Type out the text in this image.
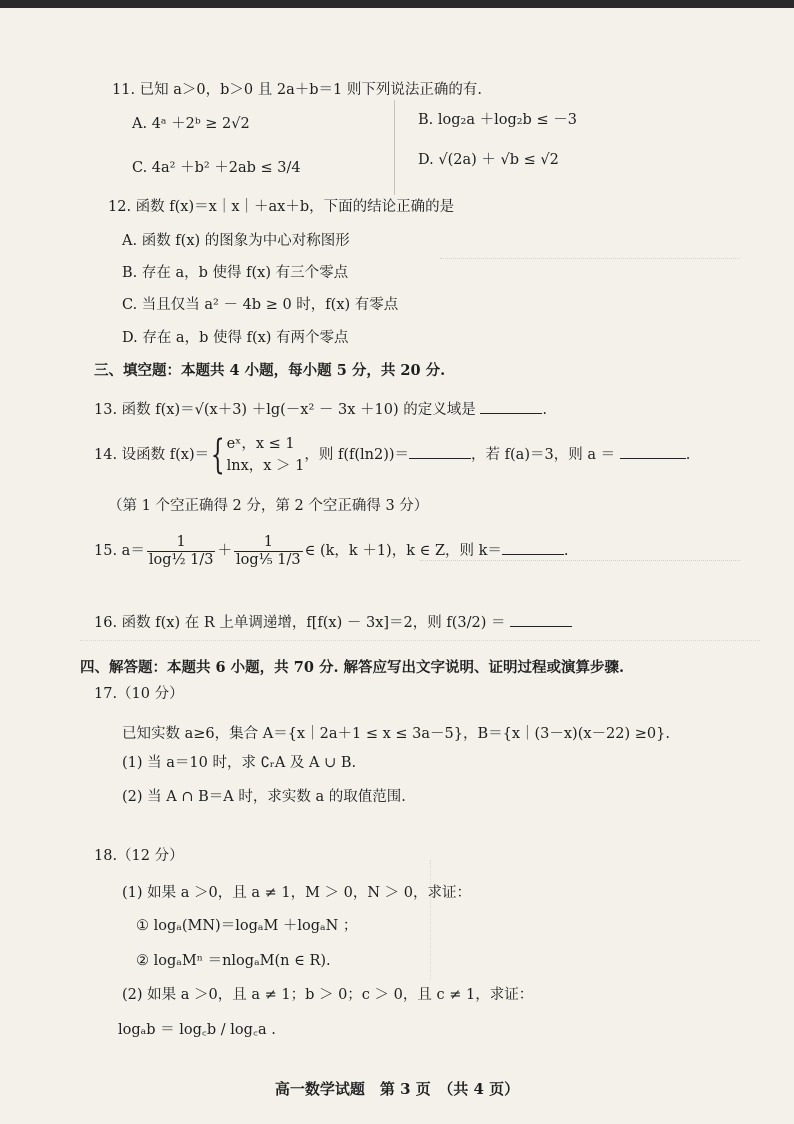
11. 已知 a＞0，b＞0 且 2a＋b＝1 则下列说法正确的有.
A. 4ᵃ ＋2ᵇ ≥ 2√2	B. log₂a ＋log₂b ≤ －3
C. 4a² ＋b² ＋2ab ≤ 3/4	D. √(2a) ＋ √b ≤ √2
12. 函数 f(x)＝x｜x｜＋ax＋b，下面的结论正确的是
A. 函数 f(x) 的图象为中心对称图形
B. 存在 a，b 使得 f(x) 有三个零点
C. 当且仅当 a² － 4b ≥ 0 时，f(x) 有零点
D. 存在 a，b 使得 f(x) 有两个零点
三、填空题：本题共 4 小题，每小题 5 分，共 20 分.
13. 函数 f(x)＝√(x＋3) ＋lg(－x² － 3x ＋10) 的定义域是	.
14. 设函数 f(x)＝{ eˣ，x ≤ 1
lnx，x ＞ 1
，则 f(f(ln2))＝	，若 f(a)＝3，则 a ＝	.
（第 1 个空正确得 2 分，第 2 个空正确得 3 分）
15. $a= \frac{1}{\text{log½ 1/3}} + \frac{1}{\text{log⅕ 1/3}}$ ∈ (k，k ＋1)，k ∈ Z，则 k＝	.
16. 函数 f(x) 在 R 上单调递增，f[f(x) － 3x]＝2，则 f(3/2) ＝
四、解答题：本题共 6 小题，共 70 分. 解答应写出文字说明、证明过程或演算步骤.
17.（10 分）
已知实数 a≥6，集合 A＝{x｜2a＋1 ≤ x ≤ 3a－5}，B＝{x｜(3－x)(x－22) ≥0}.
(1) 当 a＝10 时，求 ∁ᵣA 及 A ∪ B.
(2) 当 A ∩ B＝A 时，求实数 a 的取值范围.
18.（12 分）
(1) 如果 a ＞0，且 a ≠ 1，M ＞ 0，N ＞ 0，求证：
① logₐ(MN)＝logₐM ＋logₐN ；
② logₐMⁿ ＝nlogₐM(n ∈ R).
(2) 如果 a ＞0，且 a ≠ 1；b ＞ 0；c ＞ 0，且 c ≠ 1，求证：
logₐb ＝ log꜀b / log꜀a .
高一数学试题　第 3 页　（共 4 页）
